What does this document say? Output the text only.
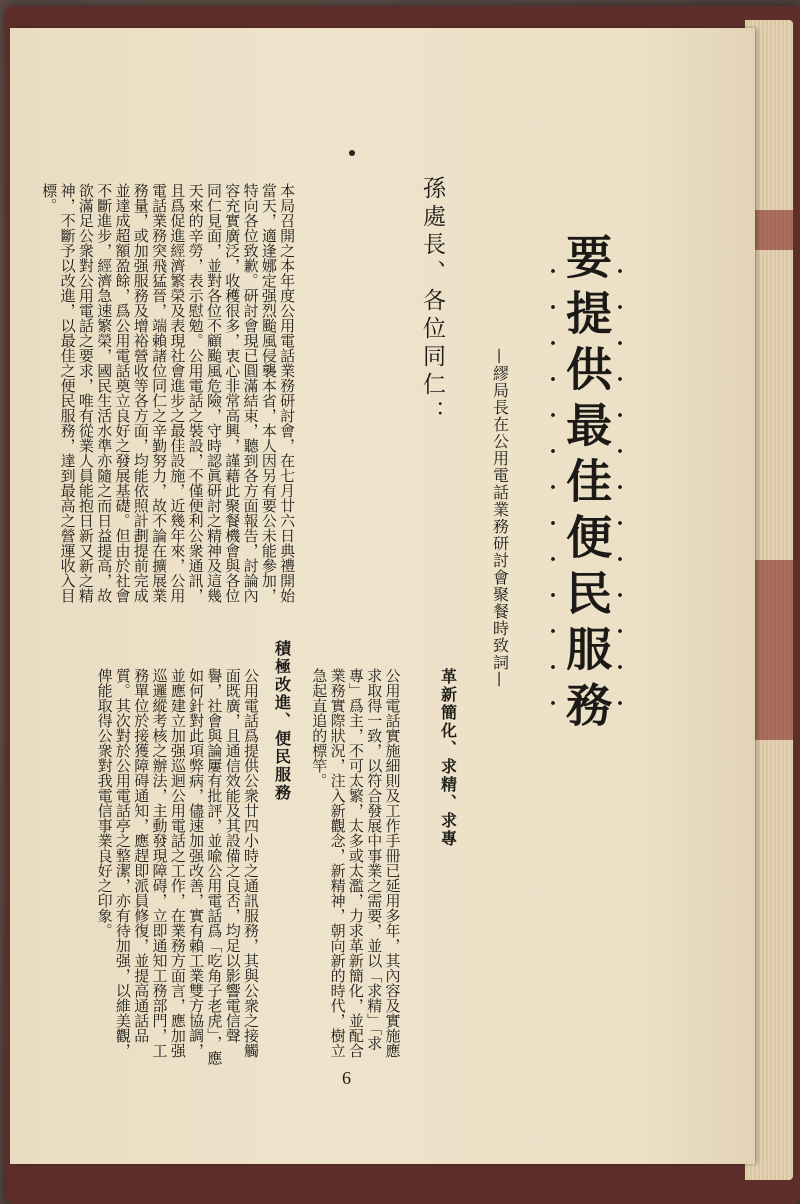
要提供最佳便民服務
—繆局長在公用電話業務研討會聚餐時致詞—
孫處長、各位同仁：
本局召開之本年度公用電話業務研討會，在七月廿六日典禮開始當天，適逢娜定强烈颱風侵襲本省，本人因另有要公未能參加，特向各位致歉。研討會現已圓滿結束，聽到各方面報告，討論內容充實廣泛，收穫很多，衷心非常高興，謹藉此聚餐機會與各位同仁見面，並對各位不顧颱風危險，守時認眞研討之精神及這幾天來的辛勞，表示慰勉。公用電話之裝設，不僅便利公衆通訊，且爲促進經濟繁榮及表現社會進步之最佳設施，近幾年來，公用電話業務突飛猛晉，端賴諸位同仁之辛勤努力，故不論在擴展業務量，或加强服務及增裕營收等各方面，均能依照計劃提前完成並達成超額盈餘，爲公用電話奠立良好之發展基礎。但由於社會不斷進步，經濟急速繁榮，國民生活水準亦隨之而日益提高，故欲滿足公衆對公用電話之要求，唯有從業人員能抱日新又新之精神，不斷予以改進，以最佳之便民服務，達到最高之營運收入目標。
革新簡化、求精、求專
公用電話實施細則及工作手冊已延用多年，其內容及實施應求取得一致，以符合發展中事業之需要，並以「求精」「求專」爲主，不可太繁，太多或太濫，力求革新簡化，並配合業務實際狀況，注入新觀念，新精神，朝向新的時代，樹立急起直追的標竿。
積極改進、便民服務
公用電話爲提供公衆廿四小時之通訊服務，其與公衆之接觸面既廣，且通信效能及其設備之良否，均足以影響電信聲譽，社會與論屢有批評，並喩公用電話爲「吃角子老虎」，應如何針對此項弊病，儘速加强改善，實有賴工業雙方協調，並應建立加强巡迴公用電話之工作，在業務方面言，應加强巡邏縱考核之辦法，主動發現障碍，立即通知工務部門，工務單位於接獲障碍通知，應趕即派員修復，並提高通話品質。其次對於公用電話亭之整潔，亦有待加强，以維美觀，俾能取得公衆對我電信事業良好之印象。
6
